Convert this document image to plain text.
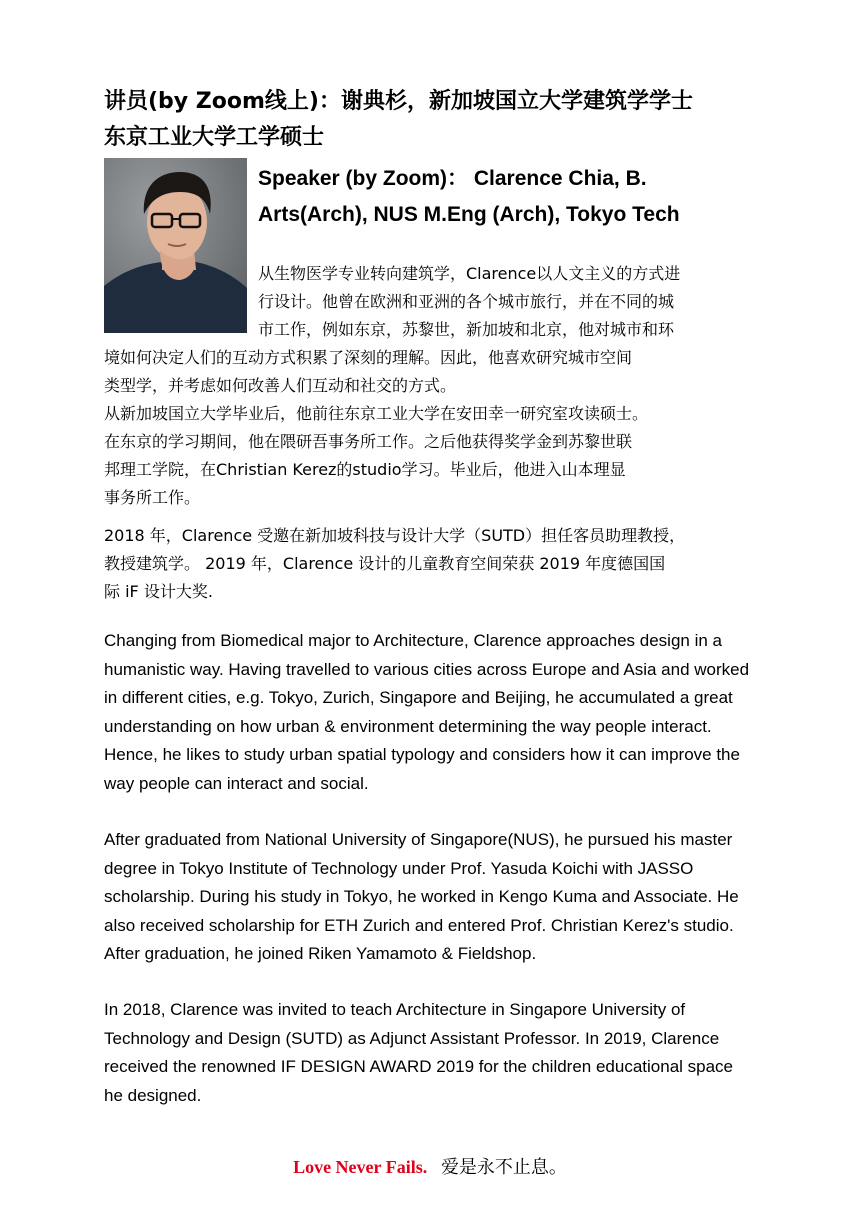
讲员(by Zoom线上)：谢典杉，新加坡国立大学建筑学学士
东京工业大学工学硕士
Speaker (by Zoom)： Clarence Chia, B.
Arts(Arch), NUS M.Eng (Arch), Tokyo Tech
从生物医学专业转向建筑学，Clarence以人文主义的方式进
行设计。他曾在欧洲和亚洲的各个城市旅行，并在不同的城
市工作，例如东京，苏黎世，新加坡和北京，他对城市和环
境如何决定人们的互动方式积累了深刻的理解。因此，他喜欢研究城市空间
类型学，并考虑如何改善人们互动和社交的方式。
从新加坡国立大学毕业后，他前往东京工业大学在安田幸一研究室攻读硕士。
在东京的学习期间，他在隈研吾事务所工作。之后他获得奖学金到苏黎世联
邦理工学院，在Christian Kerez的studio学习。毕业后，他进入山本理显
事务所工作。
2018 年，Clarence 受邀在新加坡科技与设计大学（SUTD）担任客员助理教授，
教授建筑学。 2019 年，Clarence 设计的儿童教育空间荣获 2019 年度德国国
际 iF 设计大奖.
Changing from Biomedical major to Architecture, Clarence approaches design in a
humanistic way. Having travelled to various cities across Europe and Asia and worked
in different cities, e.g. Tokyo, Zurich, Singapore and Beijing, he accumulated a great
understanding on how urban & environment determining the way people interact.
Hence, he likes to study urban spatial typology and considers how it can improve the
way people can interact and social.
After graduated from National University of Singapore(NUS), he pursued his master
degree in Tokyo Institute of Technology under Prof. Yasuda Koichi with JASSO
scholarship. During his study in Tokyo, he worked in Kengo Kuma and Associate. He
also received scholarship for ETH Zurich and entered Prof. Christian Kerez's studio.
After graduation, he joined Riken Yamamoto & Fieldshop.
In 2018, Clarence was invited to teach Architecture in Singapore University of
Technology and Design (SUTD) as Adjunct Assistant Professor. In 2019, Clarence
received the renowned IF DESIGN AWARD 2019 for the children educational space
he designed.
Love Never Fails. 爱是永不止息。
